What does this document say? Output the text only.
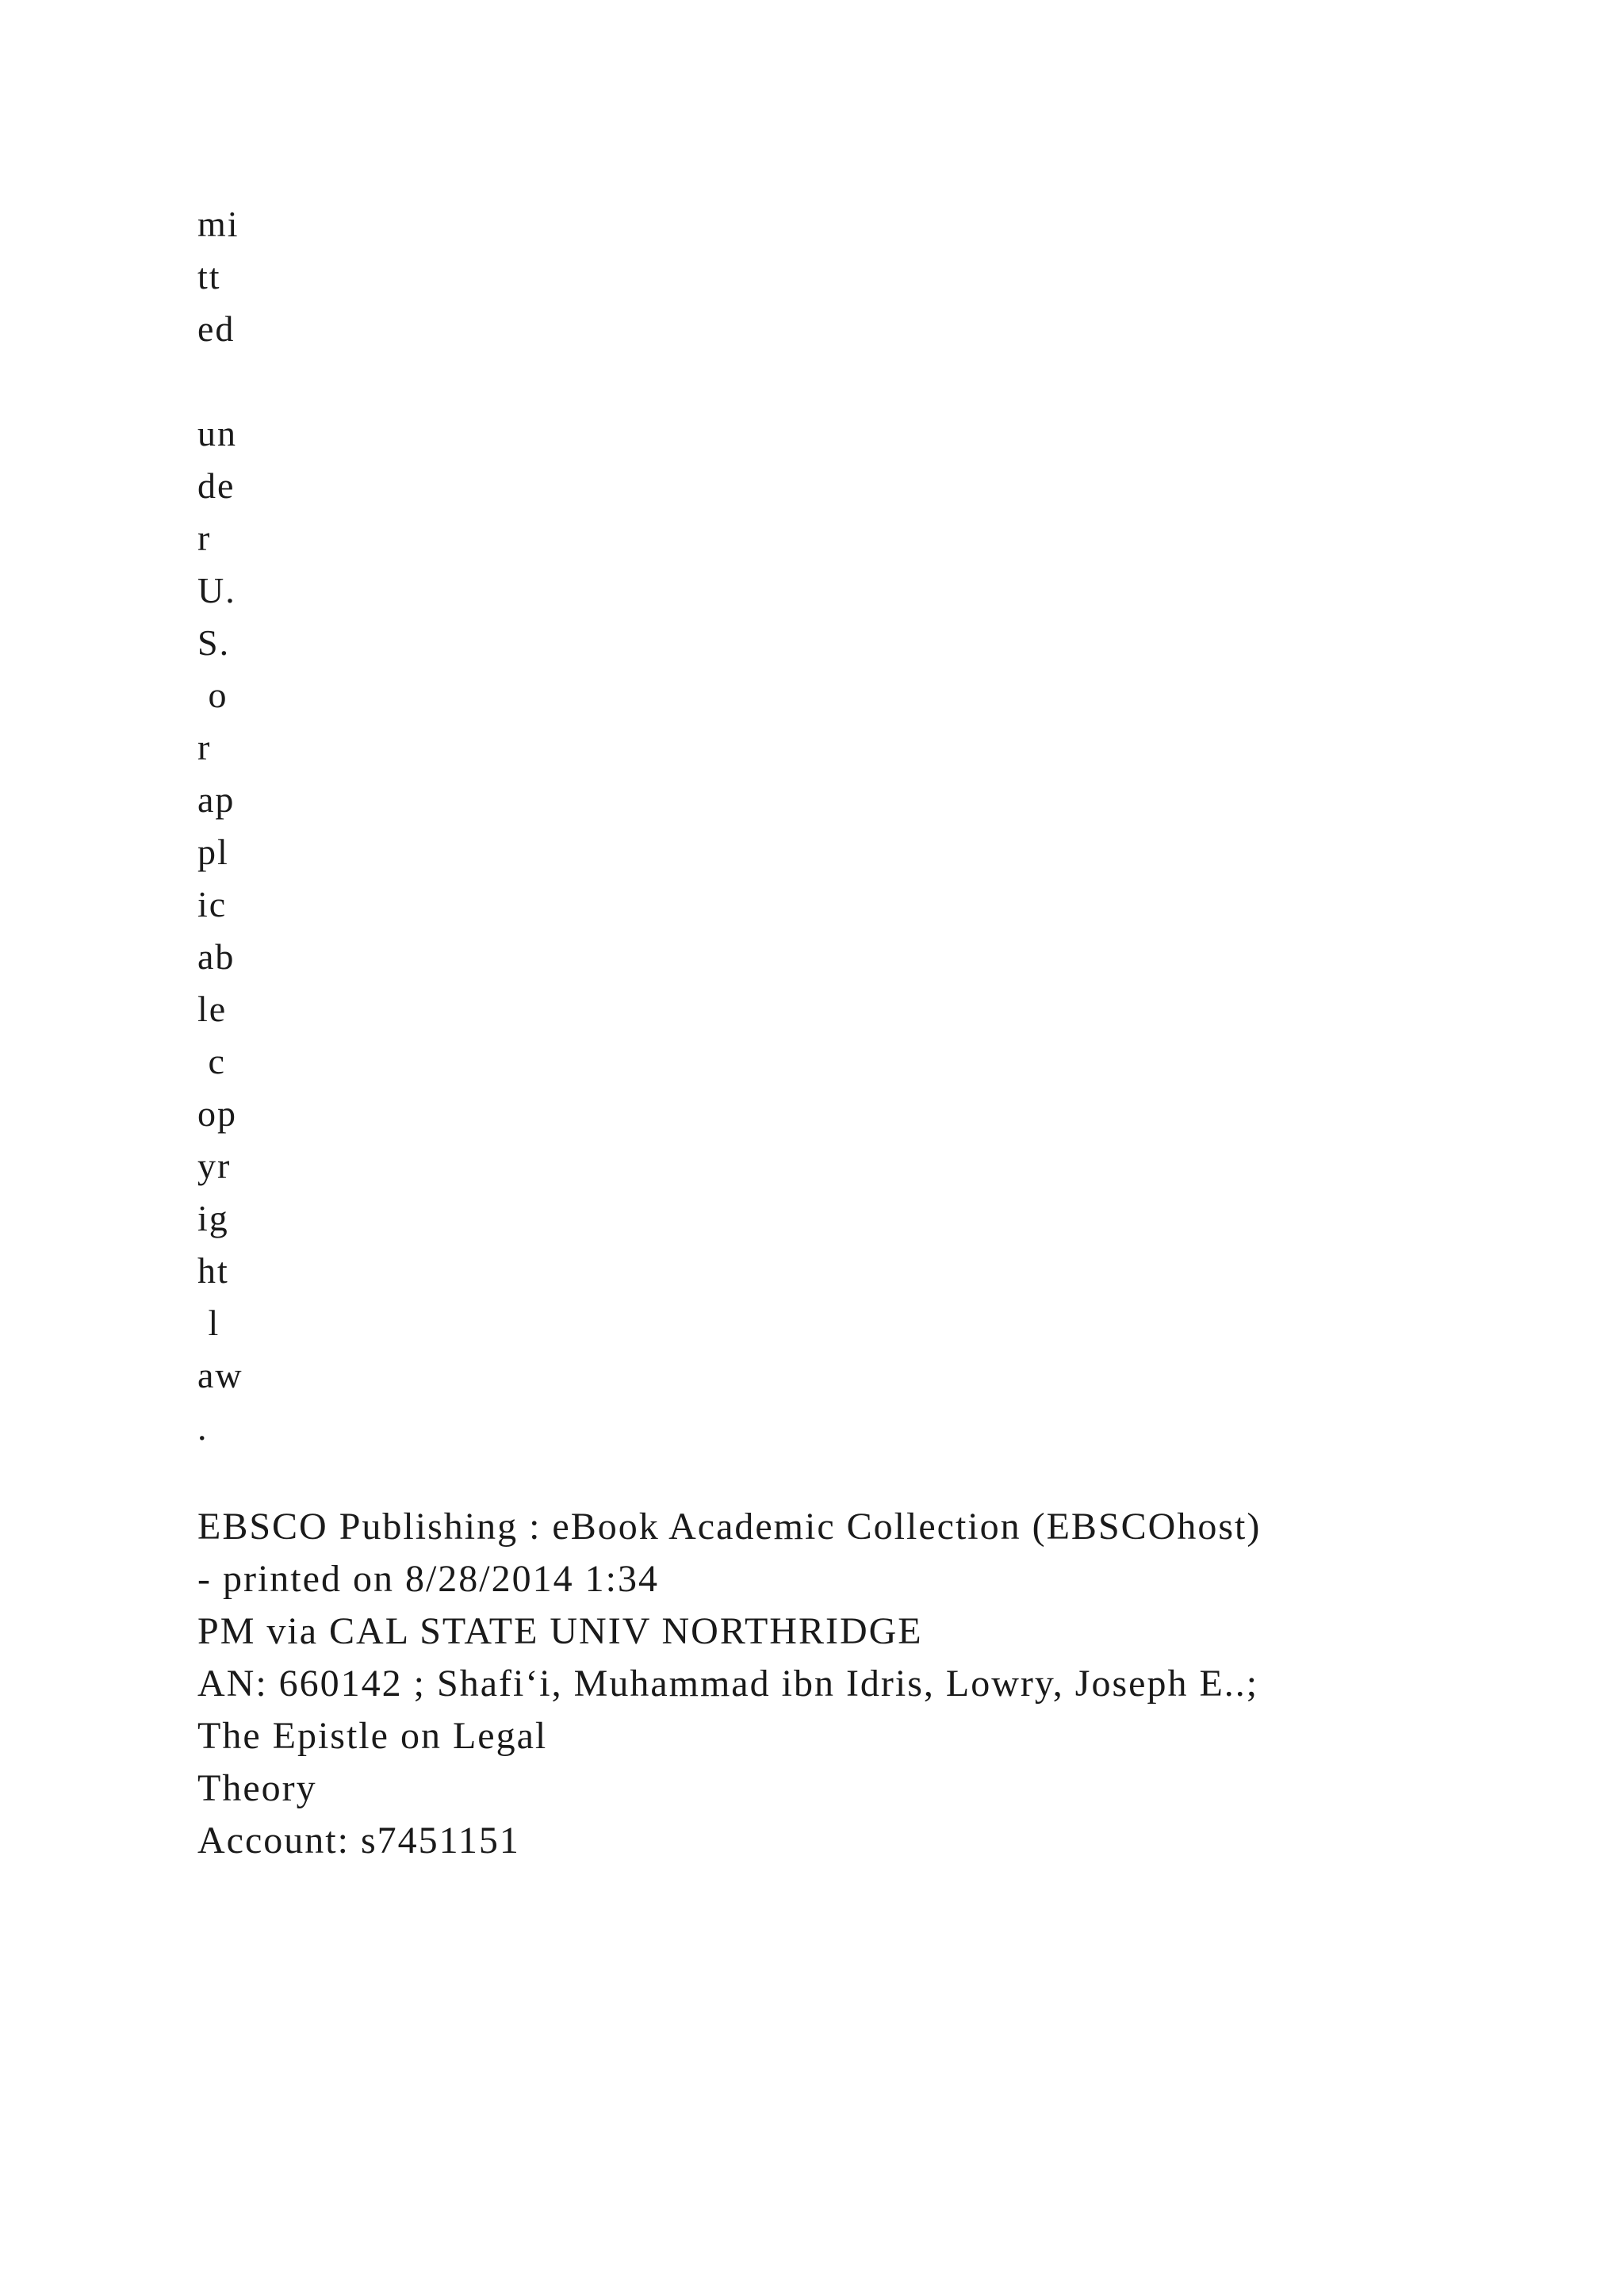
mi
tt
ed
un
de
r
U.
S.
o
r
ap
pl
ic
ab
le
c
op
yr
ig
ht
l
aw
.
EBSCO Publishing : eBook Academic Collection (EBSCOhost)
- printed on 8/28/2014 1:34
PM via CAL STATE UNIV NORTHRIDGE
AN: 660142 ; Shafi‘i, Muhammad ibn Idris, Lowry, Joseph E..;
The Epistle on Legal
Theory
Account: s7451151
